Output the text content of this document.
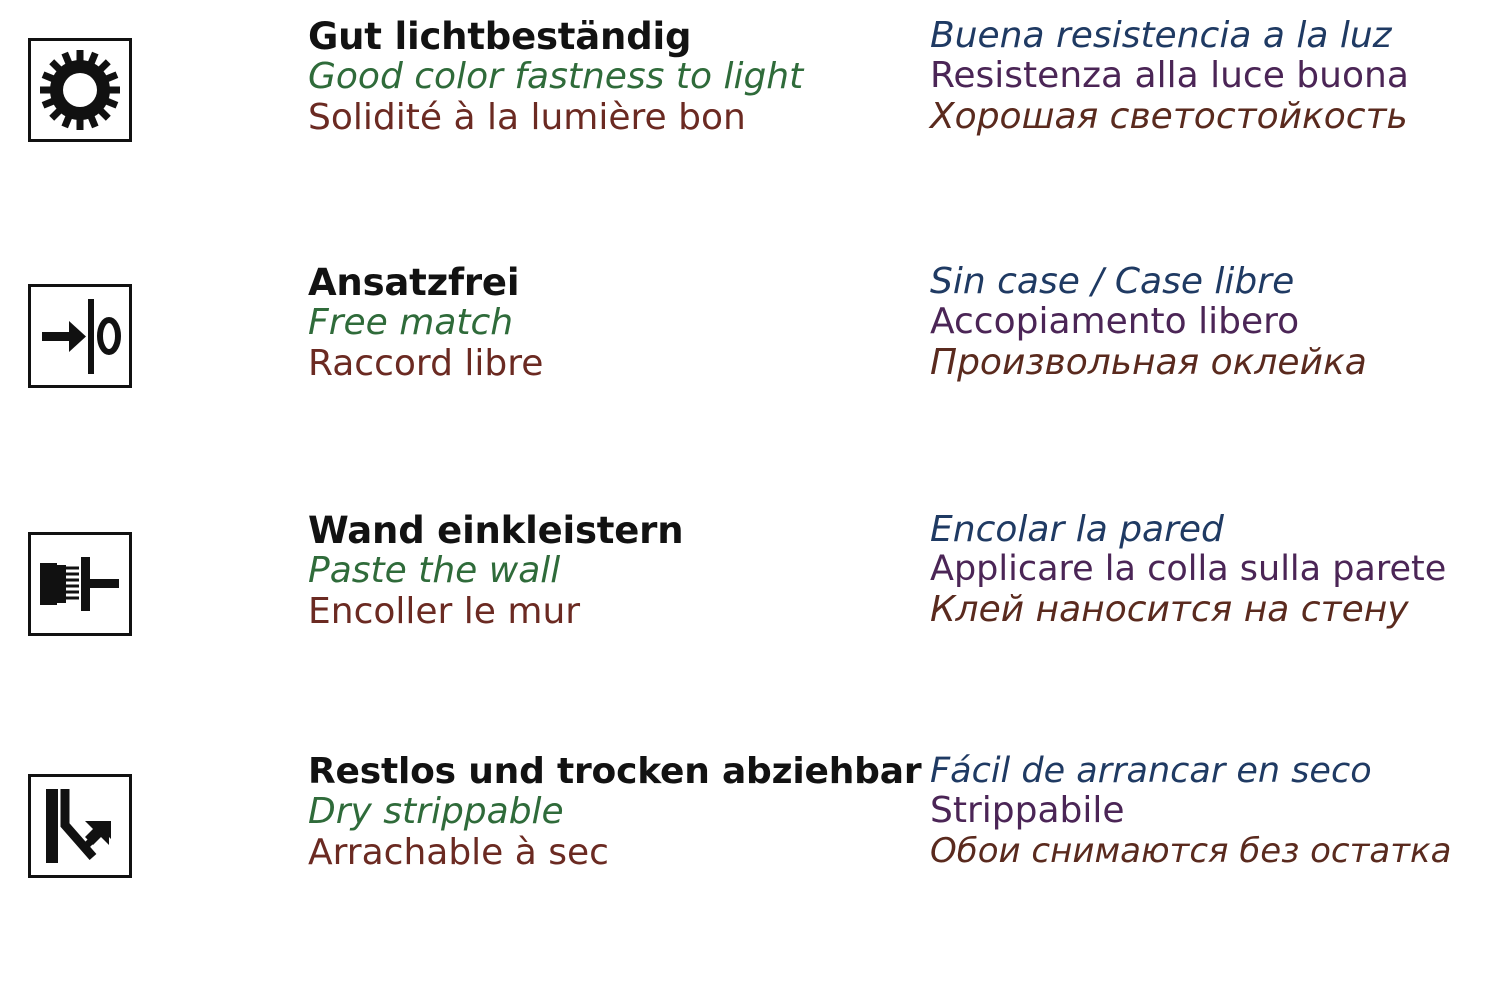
Gut lichtbeständig
Good color fastness to light
Solidité à la lumière bon
Buena resistencia a la luz
Resistenza alla luce buona
Хорошая светостойкость
Ansatzfrei
Free match
Raccord libre
Sin case / Case libre
Accopiamento libero
Произвольная оклейка
Wand einkleistern
Paste the wall
Encoller le mur
Encolar la pared
Applicare la colla sulla parete
Клей наносится на стену
Restlos und trocken abziehbar
Dry strippable
Arrachable à sec
Fácil de arrancar en seco
Strippabile
Обои снимаются без остатка
